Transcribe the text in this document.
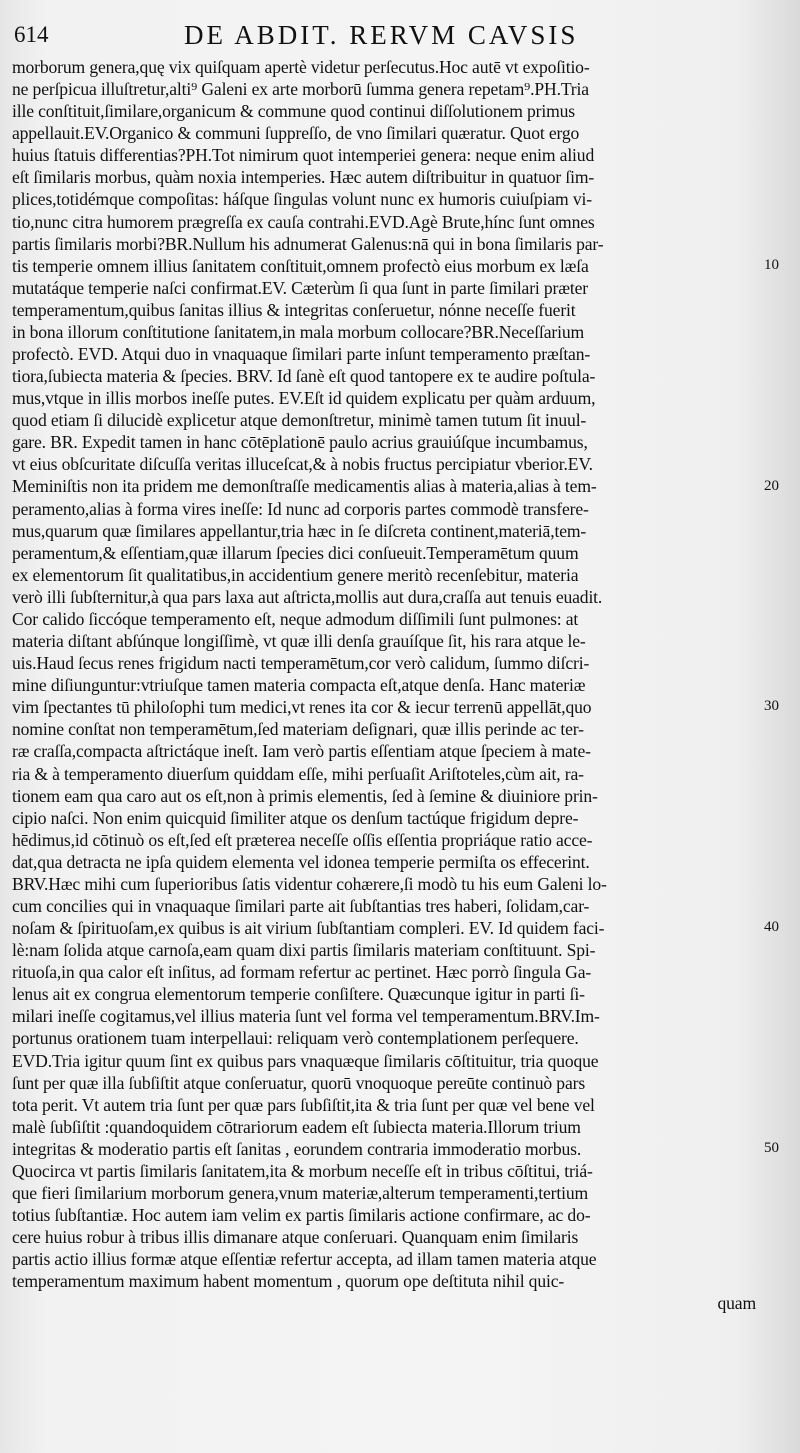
614	DE ABDIT. RERVM CAVSIS
morborum genera,quę vix quiſquam apertè videtur perſecutus.Hoc autē vt expoſitio-
ne perſpicua illuſtretur,alti⁹ Galeni ex arte morborū ſumma genera repetam⁹.PH.Tria
ille conſtituit,ſimilare,organicum & commune quod continui diſſolutionem primus
appellauit.EV.Organico & communi ſuppreſſo, de vno ſimilari quæratur. Quot ergo
huius ſtatuis differentias?PH.Tot nimirum quot intemperiei genera: neque enim aliud
eſt ſimilaris morbus, quàm noxia intemperies. Hæc autem diſtribuitur in quatuor ſim-
plices,totidémque compoſitas: háſque ſingulas volunt nunc ex humoris cuiuſpiam vi-
tio,nunc citra humorem prægreſſa ex cauſa contrahi.EVD.Agè Brute,hínc ſunt omnes
partis ſimilaris morbi?BR.Nullum his adnumerat Galenus:nā qui in bona ſimilaris par-
tis temperie omnem illius ſanitatem conſtituit,omnem profectò eius morbum ex læſa
mutatáque temperie naſci confirmat.EV. Cæterùm ſi qua ſunt in parte ſimilari præter
temperamentum,quibus ſanitas illius & integritas conſeruetur, nónne neceſſe fuerit
in bona illorum conſtitutione ſanitatem,in mala morbum collocare?BR.Neceſſarium
profectò. EVD. Atqui duo in vnaquaque ſimilari parte inſunt temperamento præſtan-
tiora,ſubiecta materia & ſpecies. BRV. Id ſanè eſt quod tantopere ex te audire poſtula-
mus,vtque in illis morbos ineſſe putes. EV.Eſt id quidem explicatu per quàm arduum,
quod etiam ſi dilucidè explicetur atque demonſtretur, minimè tamen tutum ſit inuul-
gare. BR. Expedit tamen in hanc cōtēplationē paulo acrius grauiúſque incumbamus,
vt eius obſcuritate diſcuſſa veritas illuceſcat,& à nobis fructus percipiatur vberior.EV.
Meminiſtis non ita pridem me demonſtraſſe medicamentis alias à materia,alias à tem-
peramento,alias à forma vires ineſſe: Id nunc ad corporis partes commodè transfere-
mus,quarum quæ ſimilares appellantur,tria hæc in ſe diſcreta continent,materiā,tem-
peramentum,& eſſentiam,quæ illarum ſpecies dici conſueuit.Temperamētum quum
ex elementorum ſit qualitatibus,in accidentium genere meritò recenſebitur, materia
verò illi ſubſternitur,à qua pars laxa aut aſtricta,mollis aut dura,craſſa aut tenuis euadit.
Cor calido ſiccóque temperamento eſt, neque admodum diſſimili ſunt pulmones: at
materia diſtant abſúnque longiſſimè, vt quæ illi denſa grauíſque ſit, his rara atque le-
uis.Haud ſecus renes frigidum nacti temperamētum,cor verò calidum, ſummo diſcri-
mine diſiunguntur:vtriuſque tamen materia compacta eſt,atque denſa. Hanc materiæ
vim ſpectantes tū philoſophi tum medici,vt renes ita cor & iecur terrenū appellāt,quo
nomine conſtat non temperamētum,ſed materiam deſignari, quæ illis perinde ac ter-
ræ craſſa,compacta aſtrictáque ineſt. Iam verò partis eſſentiam atque ſpeciem à mate-
ria & à temperamento diuerſum quiddam eſſe, mihi perſuaſit Ariſtoteles,cùm ait, ra-
tionem eam qua caro aut os eſt,non à primis elementis, ſed à ſemine & diuiniore prin-
cipio naſci. Non enim quicquid ſimiliter atque os denſum tactúque frigidum depre-
hēdimus,id cōtinuò os eſt,ſed eſt præterea neceſſe oſſis eſſentia propriáque ratio acce-
dat,qua detracta ne ipſa quidem elementa vel idonea temperie permiſta os effecerint.
BRV.Hæc mihi cum ſuperioribus ſatis videntur cohærere,ſi modò tu his eum Galeni lo-
cum concilies qui in vnaquaque ſimilari parte ait ſubſtantias tres haberi, ſolidam,car-
noſam & ſpirituoſam,ex quibus is ait virium ſubſtantiam compleri. EV. Id quidem faci-
lè:nam ſolida atque carnoſa,eam quam dixi partis ſimilaris materiam conſtituunt. Spi-
rituoſa,in qua calor eſt inſitus, ad formam refertur ac pertinet. Hæc porrò ſingula Ga-
lenus ait ex congrua elementorum temperie conſiſtere. Quæcunque igitur in parti ſi-
milari ineſſe cogitamus,vel illius materia ſunt vel forma vel temperamentum.BRV.Im-
portunus orationem tuam interpellaui: reliquam verò contemplationem perſequere.
EVD.Tria igitur quum ſint ex quibus pars vnaquæque ſimilaris cōſtituitur, tria quoque
ſunt per quæ illa ſubſiſtit atque conſeruatur, quorū vnoquoque pereūte continuò pars
tota perit. Vt autem tria ſunt per quæ pars ſubſiſtit,ita & tria ſunt per quæ vel bene vel
malè ſubſiſtit :quandoquidem cōtrariorum eadem eſt ſubiecta materia.Illorum trium
integritas & moderatio partis eſt ſanitas , eorundem contraria immoderatio morbus.
Quocirca vt partis ſimilaris ſanitatem,ita & morbum neceſſe eſt in tribus cōſtitui, triá-
que fieri ſimilarium morborum genera,vnum materiæ,alterum temperamenti,tertium
totius ſubſtantiæ. Hoc autem iam velim ex partis ſimilaris actione confirmare, ac do-
cere huius robur à tribus illis dimanare atque conſeruari. Quanquam enim ſimilaris
partis actio illius formæ atque eſſentiæ refertur accepta, ad illam tamen materia atque
temperamentum maximum habent momentum , quorum ope deſtituta nihil quic-
quam
10
20
30
40
50
